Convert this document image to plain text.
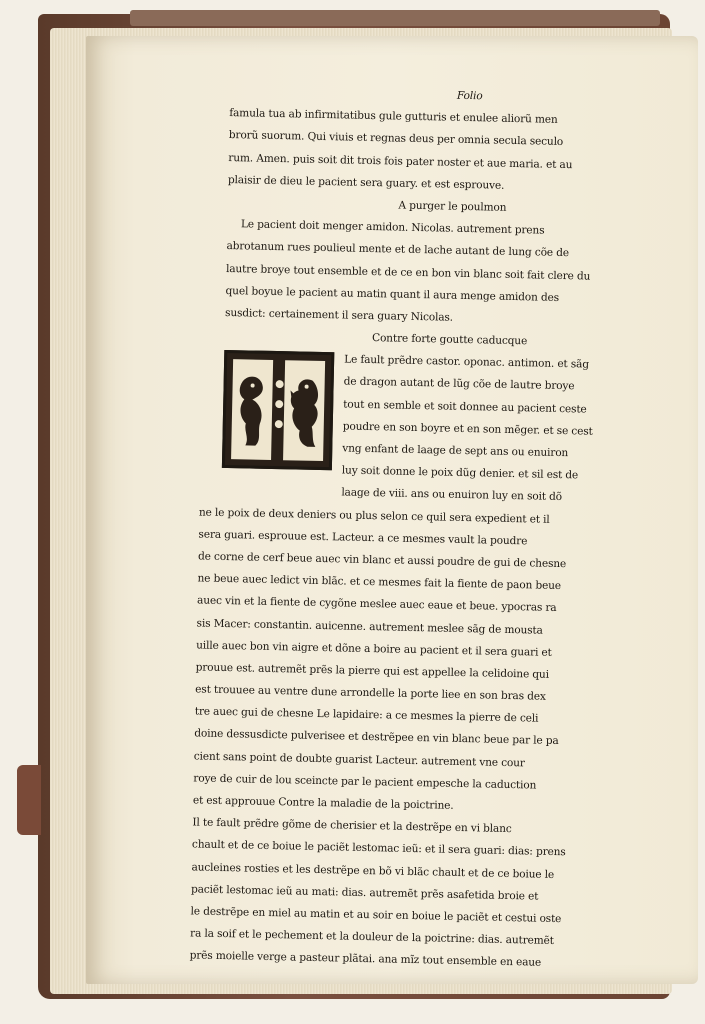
Folio
famula tua ab infirmitatibus gule gutturis et enulee aliorũ men
brorũ suorum. Qui viuis et regnas deus per omnia secula seculo
rum. Amen. puis soit dit trois fois pater noster et aue maria. et au
plaisir de dieu le pacient sera guary. et est esprouve.
A purger le poulmon
Le pacient doit menger amidon. Nicolas. autrement prens
abrotanum rues poulieul mente et de lache autant de lung cõe de
lautre broye tout ensemble et de ce en bon vin blanc soit fait clere du
quel boyue le pacient au matin quant il aura menge amidon des
susdict: certainement il sera guary Nicolas.
Contre forte goutte caducque
Le fault prẽdre castor. oponac. antimon. et sãg
de dragon autant de lũg cõe de lautre broye
tout en semble et soit donnee au pacient ceste
poudre en son boyre et en son mẽger. et se cest
vng enfant de laage de sept ans ou enuiron
luy soit donne le poix dũg denier. et sil est de
laage de viii. ans ou enuiron luy en soit dõ
ne le poix de deux deniers ou plus selon ce quil sera expedient et il
sera guari. esprouue est. Lacteur. a ce mesmes vault la poudre
de corne de cerf beue auec vin blanc et aussi poudre de gui de chesne
ne beue auec ledict vin blãc. et ce mesmes fait la fiente de paon beue
auec vin et la fiente de cygõne meslee auec eaue et beue. ypocras ra
sis Macer: constantin. auicenne. autrement meslee sãg de mousta
uille auec bon vin aigre et dõne a boire au pacient et il sera guari et
prouue est. autremẽt prẽs la pierre qui est appellee la celidoine qui
est trouuee au ventre dune arrondelle la porte liee en son bras dex
tre auec gui de chesne Le lapidaire: a ce mesmes la pierre de celi
doine dessusdicte pulverisee et destrẽpee en vin blanc beue par le pa
cient sans point de doubte guarist Lacteur. autrement vne cour
roye de cuir de lou sceincte par le pacient empesche la caduction
et est approuue Contre la maladie de la poictrine.
Il te fault prẽdre gõme de cherisier et la destrẽpe en vi blanc
chault et de ce boiue le paciẽt lestomac ieũ: et il sera guari: dias: prens
aucleines rosties et les destrẽpe en bõ vi blãc chault et de ce boiue le
paciẽt lestomac ieũ au mati: dias. autremẽt prẽs asafetida broie et
le destrẽpe en miel au matin et au soir en boiue le paciẽt et cestui oste
ra la soif et le pechement et la douleur de la poictrine: dias. autremẽt
prẽs moielle verge a pasteur plãtai. ana mĩz tout ensemble en eaue
